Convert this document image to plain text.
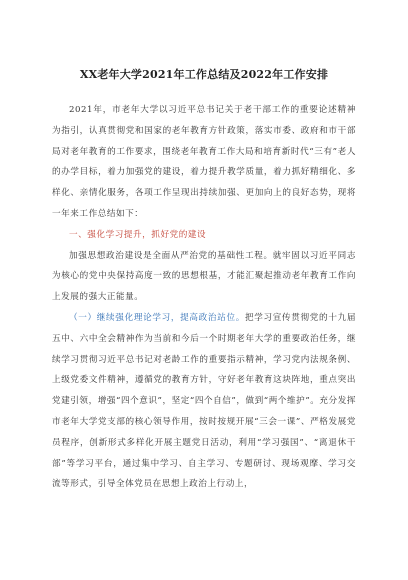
XX老年大学2021年工作总结及2022年工作安排

2021年，市老年大学以习近平总书记关于老干部工作的重要论述精神为指引，认真贯彻党和国家的老年教育方针政策，落实市委、政府和市干部局对老年教育的工作要求，围绕老年教育工作大局和培育新时代“三有”老人的办学目标，着力加强党的建设，着力提升教学质量，着力抓好精细化、多样化、亲情化服务，各项工作呈现出持续加强、更加向上的良好态势，现将一年来工作总结如下：

一、强化学习提升，抓好党的建设

加强思想政治建设是全面从严治党的基础性工程。就牢固以习近平同志为核心的党中央保持高度一致的思想根基，才能汇聚起推动老年教育工作向上发展的强大正能量。

（一）继续强化理论学习，提高政治站位。把学习宣传贯彻党的十九届五中、六中全会精神作为当前和今后一个时期老年大学的重要政治任务，继续学习贯彻习近平总书记对老龄工作的重要指示精神，学习党内法规条例、上级党委文件精神，遵循党的教育方针，守好老年教育这块阵地，重点突出党建引领，增强“四个意识”，坚定“四个自信”，做到“两个维护”。充分发挥市老年大学党支部的核心领导作用，按时按规开展“三会一课”、严格发展党员程序，创新形式多样化开展主题党日活动，利用“学习强国”、“离退休干部”等学习平台，通过集中学习、自主学习、专题研讨、现场观摩、学习交流等形式，引导全体党员在思想上政治上行动上，
